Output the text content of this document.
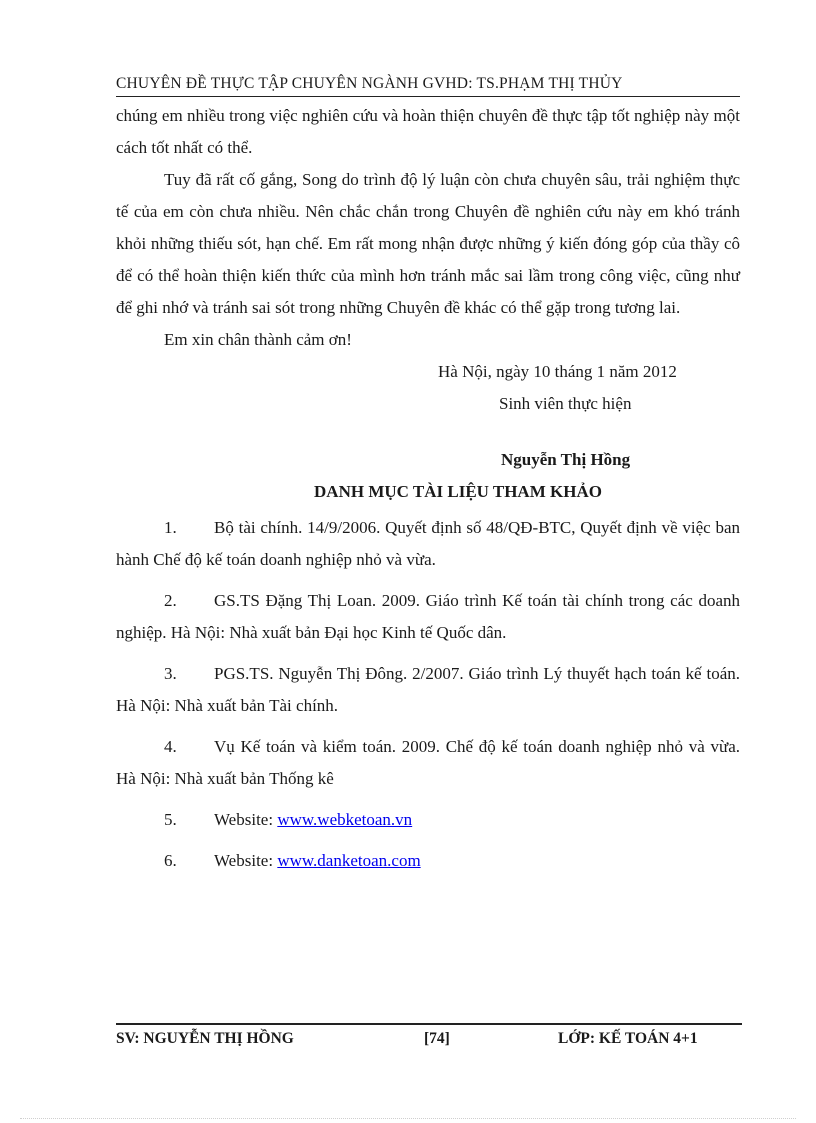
CHUYÊN ĐỀ THỰC TẬP CHUYÊN NGÀNH GVHD: TS.PHẠM THỊ THỦY

chúng em nhiều trong việc nghiên cứu và hoàn thiện chuyên đề thực tập tốt nghiệp này một cách tốt nhất có thể.

Tuy đã rất cố gắng, Song do trình độ lý luận còn chưa chuyên sâu, trải nghiệm thực tế của em còn chưa nhiều. Nên chắc chắn trong Chuyên đề nghiên cứu này em khó tránh khỏi những thiếu sót, hạn chế. Em rất mong nhận được những ý kiến đóng góp của thầy cô để có thể hoàn thiện kiến thức của mình hơn tránh mắc sai lầm trong công việc, cũng như để ghi nhớ và tránh sai sót trong những Chuyên đề khác có thể gặp trong tương lai.

Em xin chân thành cảm ơn!

Hà Nội, ngày 10 tháng 1 năm 2012

Sinh viên thực hiện

Nguyễn Thị Hồng

DANH MỤC TÀI LIỆU THAM KHẢO

1. Bộ tài chính. 14/9/2006. Quyết định số 48/QĐ-BTC, Quyết định về việc ban hành Chế độ kế toán doanh nghiệp nhỏ và vừa.

2. GS.TS Đặng Thị Loan. 2009. Giáo trình Kế toán tài chính trong các doanh nghiệp. Hà Nội: Nhà xuất bản Đại học Kinh tế Quốc dân.

3. PGS.TS. Nguyễn Thị Đông. 2/2007. Giáo trình Lý thuyết hạch toán kế toán. Hà Nội: Nhà xuất bản Tài chính.

4. Vụ Kế toán và kiểm toán. 2009. Chế độ kế toán doanh nghiệp nhỏ và vừa. Hà Nội: Nhà xuất bản Thống kê

5. Website: www.webketoan.vn

6. Website: www.danketoan.com

SV: NGUYỄN THỊ HỒNG	[74]	LỚP: KẾ TOÁN 4+1
